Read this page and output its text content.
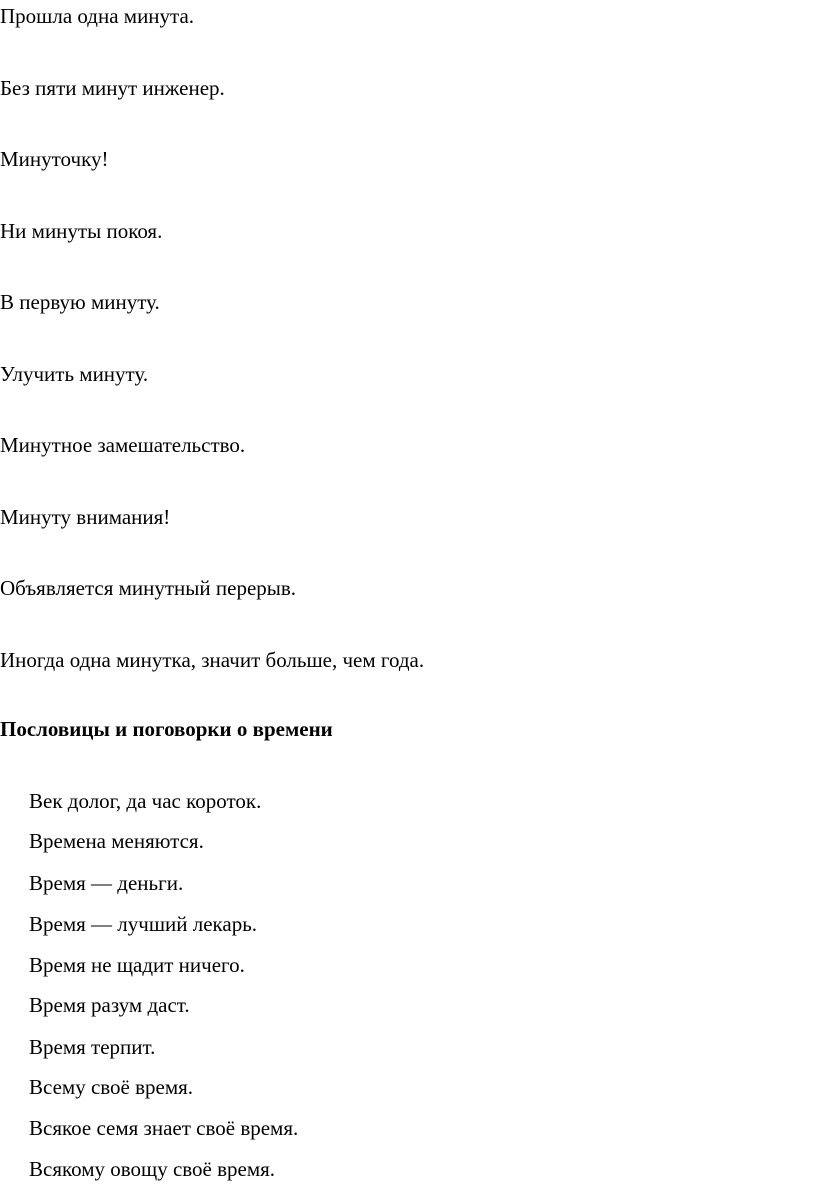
Прошла одна минута.

Без пяти минут инженер.

Минуточку!

Ни минуты покоя.

В первую минуту.

Улучить минуту.

Минутное замешательство.

Минуту внимания!

Объявляется минутный перерыв.

Иногда одна минутка, значит больше, чем года.

Пословицы и поговорки о времени

Век долог, да час короток.

Времена меняются.

Время — деньги.

Время — лучший лекарь.

Время не щадит ничего.

Время разум даст.

Время терпит.

Всему своё время.

Всякое семя знает своё время.

Всякому овощу своё время.
